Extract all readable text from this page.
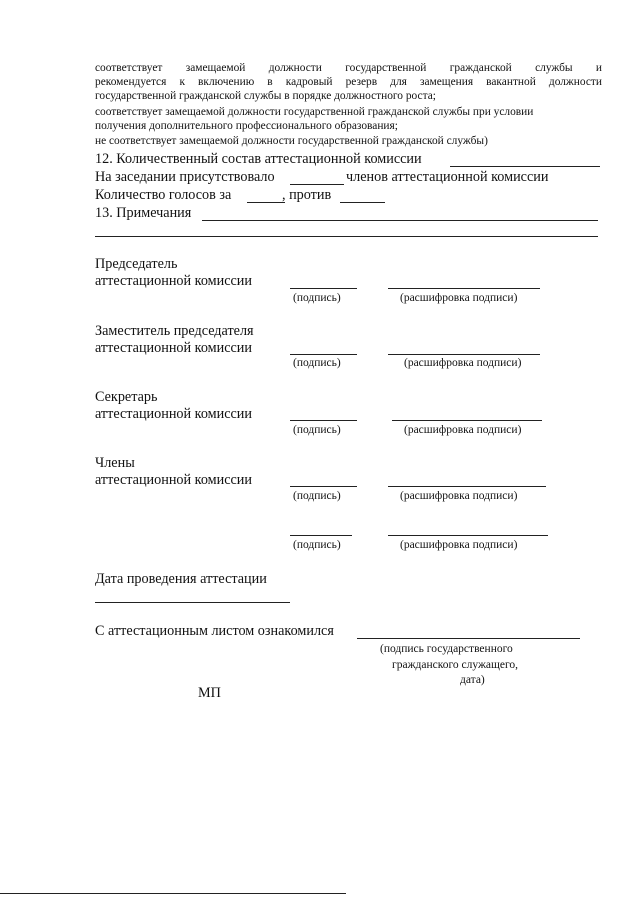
соответствует замещаемой должности государственной гражданской службы и
рекомендуется к включению в кадровый резерв для замещения вакантной должности
государственной гражданской службы в порядке должностного роста;
соответствует замещаемой должности государственной гражданской службы при условии
получения дополнительного профессионального образования;
не соответствует замещаемой должности государственной гражданской службы)
12. Количественный состав аттестационной комиссии
На заседании присутствовало	членов аттестационной комиссии
Количество голосов за	, против
13. Примечания
Председатель
аттестационной комиссии
(подпись)	(расшифровка подписи)
Заместитель председателя
аттестационной комиссии
(подпись)	(расшифровка подписи)
Секретарь
аттестационной комиссии
(подпись)	(расшифровка подписи)
Члены
аттестационной комиссии
(подпись)	(расшифровка подписи)
(подпись)	(расшифровка подписи)
Дата проведения аттестации
С аттестационным листом ознакомился
(подпись государственного
гражданского служащего,
дата)
МП
